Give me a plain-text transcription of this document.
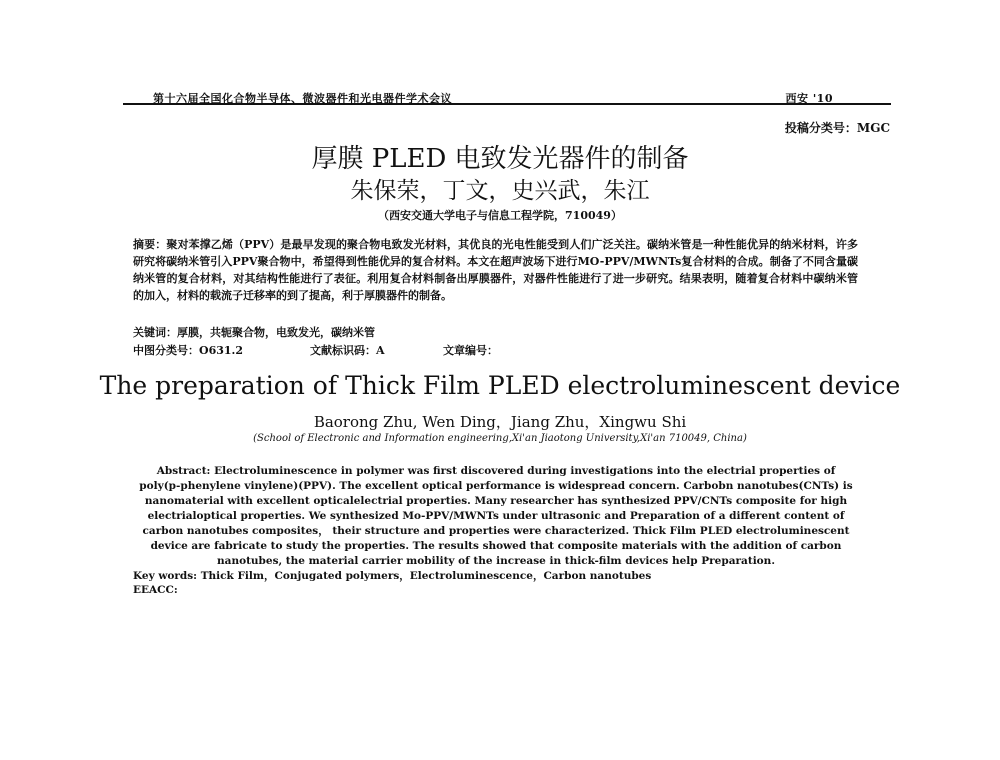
第十六届全国化合物半导体、微波器件和光电器件学术会议	西安 '10
投稿分类号：MGC
厚膜 PLED 电致发光器件的制备
朱保荣，丁文，史兴武，朱江
（西安交通大学电子与信息工程学院，710049）
摘要：聚对苯撑乙烯（PPV）是最早发现的聚合物电致发光材料，其优良的光电性能受到人们广泛关注。碳纳米管是一种性能优异的纳米材料，许多研究将碳纳米管引入PPV聚合物中，希望得到性能优异的复合材料。本文在超声波场下进行MO-PPV/MWNTs复合材料的合成。制备了不同含量碳纳米管的复合材料，对其结构性能进行了表征。利用复合材料制备出厚膜器件，对器件性能进行了进一步研究。结果表明，随着复合材料中碳纳米管的加入，材料的载流子迁移率的到了提高，利于厚膜器件的制备。
关键词：厚膜，共轭聚合物，电致发光，碳纳米管
中图分类号：O631.2	文献标识码：A	文章编号：
The preparation of Thick Film PLED electroluminescent device
Baorong Zhu, Wen Ding，Jiang Zhu，Xingwu Shi
(School of Electronic and Information engineering,Xi'an Jiaotong University,Xi'an 710049, China)
Abstract: Electroluminescence in polymer was first discovered during investigations into the electrial properties of poly(p-phenylene vinylene)(PPV). The excellent optical performance is widespread concern. Carbobn nanotubes(CNTs) is nanomaterial with excellent opticalelectrial properties. Many researcher has synthesized PPV/CNTs composite for high electrialoptical properties. We synthesized Mo-PPV/MWNTs under ultrasonic and Preparation of a different content of carbon nanotubes composites， their structure and properties were characterized. Thick Film PLED electroluminescent device are fabricate to study the properties. The results showed that composite materials with the addition of carbon nanotubes, the material carrier mobility of the increase in thick-film devices help Preparation.
Key words: Thick Film，Conjugated polymers，Electroluminescence，Carbon nanotubes
EEACC:
